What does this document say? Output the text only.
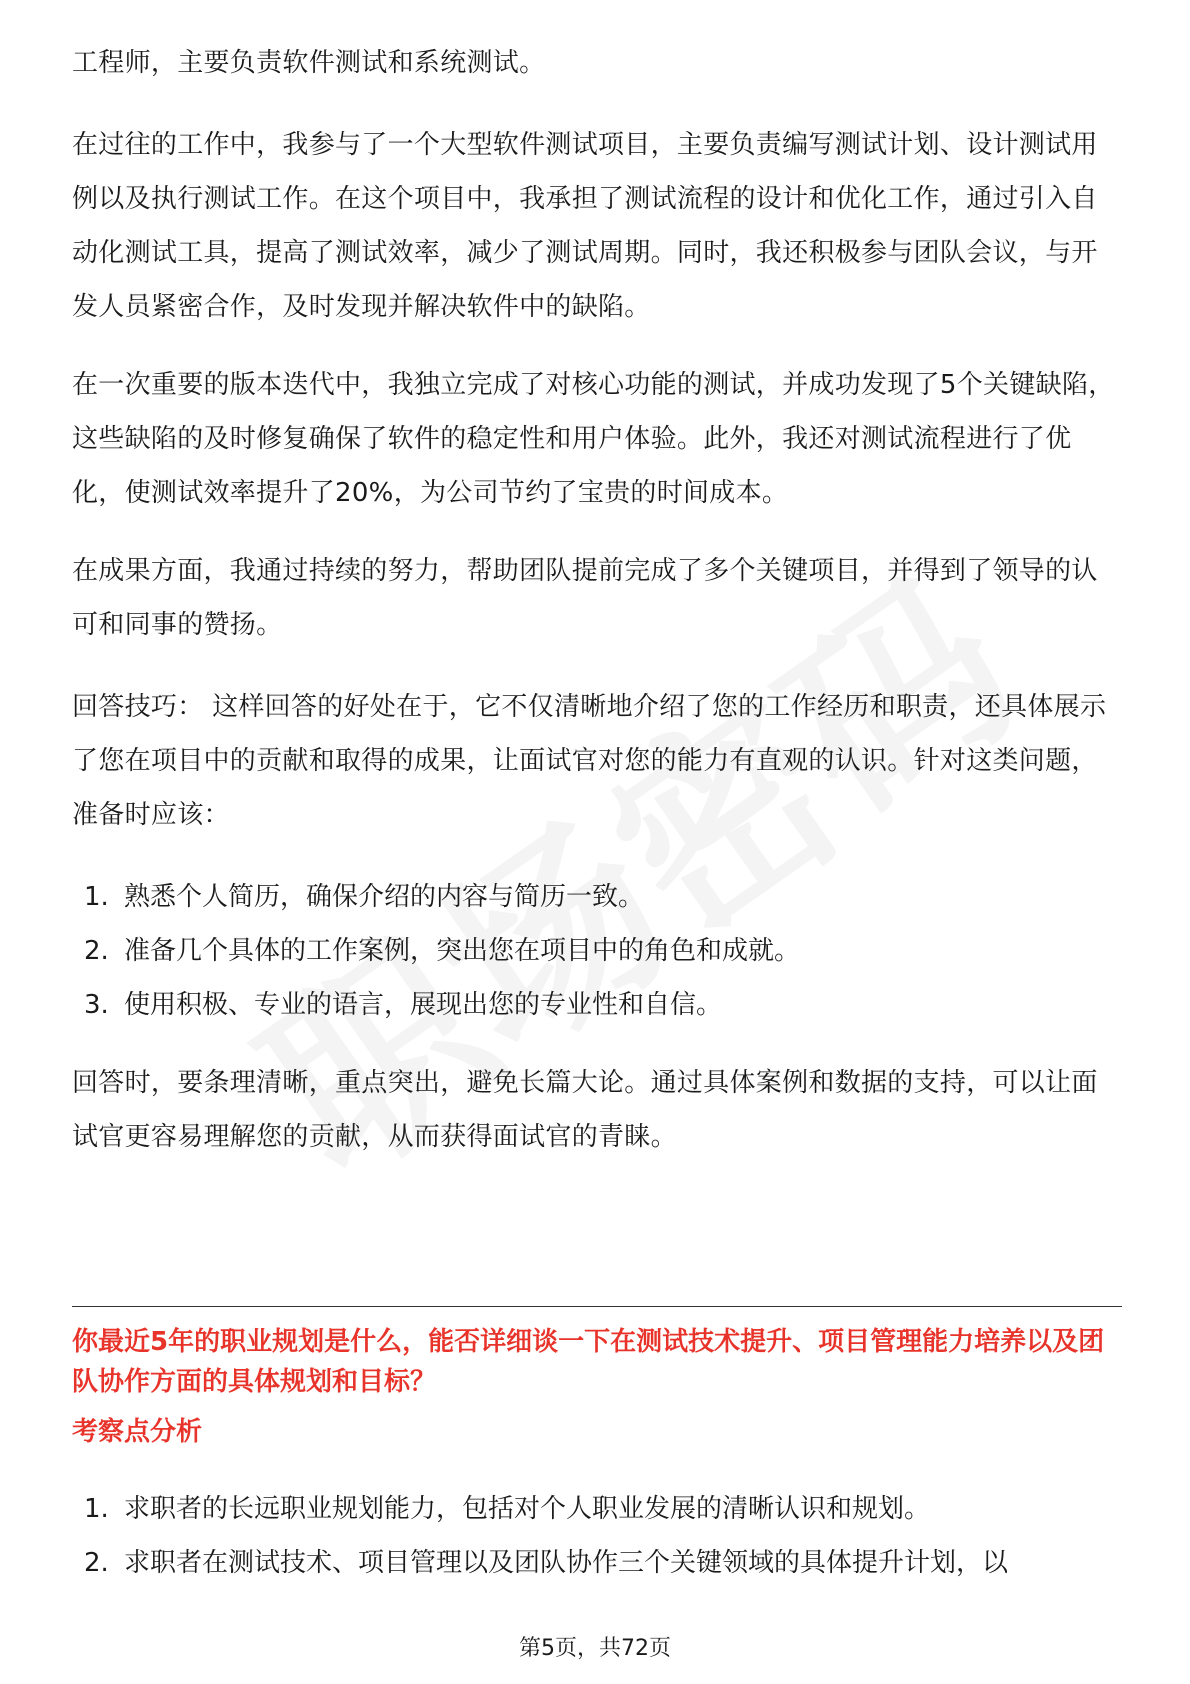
工程师，主要负责软件测试和系统测试。

在过往的工作中，我参与了一个大型软件测试项目，主要负责编写测试计划、设计测试用例以及执行测试工作。在这个项目中，我承担了测试流程的设计和优化工作，通过引入自动化测试工具，提高了测试效率，减少了测试周期。同时，我还积极参与团队会议，与开发人员紧密合作，及时发现并解决软件中的缺陷。

在一次重要的版本迭代中，我独立完成了对核心功能的测试，并成功发现了5个关键缺陷，这些缺陷的及时修复确保了软件的稳定性和用户体验。此外，我还对测试流程进行了优化，使测试效率提升了20%，为公司节约了宝贵的时间成本。

在成果方面，我通过持续的努力，帮助团队提前完成了多个关键项目，并得到了领导的认可和同事的赞扬。

回答技巧： 这样回答的好处在于，它不仅清晰地介绍了您的工作经历和职责，还具体展示了您在项目中的贡献和取得的成果，让面试官对您的能力有直观的认识。针对这类问题，准备时应该：

1. 熟悉个人简历，确保介绍的内容与简历一致。
2. 准备几个具体的工作案例，突出您在项目中的角色和成就。
3. 使用积极、专业的语言，展现出您的专业性和自信。

回答时，要条理清晰，重点突出，避免长篇大论。通过具体案例和数据的支持，可以让面试官更容易理解您的贡献，从而获得面试官的青睐。

你最近5年的职业规划是什么，能否详细谈一下在测试技术提升、项目管理能力培养以及团队协作方面的具体规划和目标？

考察点分析

1. 求职者的长远职业规划能力，包括对个人职业发展的清晰认识和规划。
2. 求职者在测试技术、项目管理以及团队协作三个关键领域的具体提升计划，以
第5页，共72页
